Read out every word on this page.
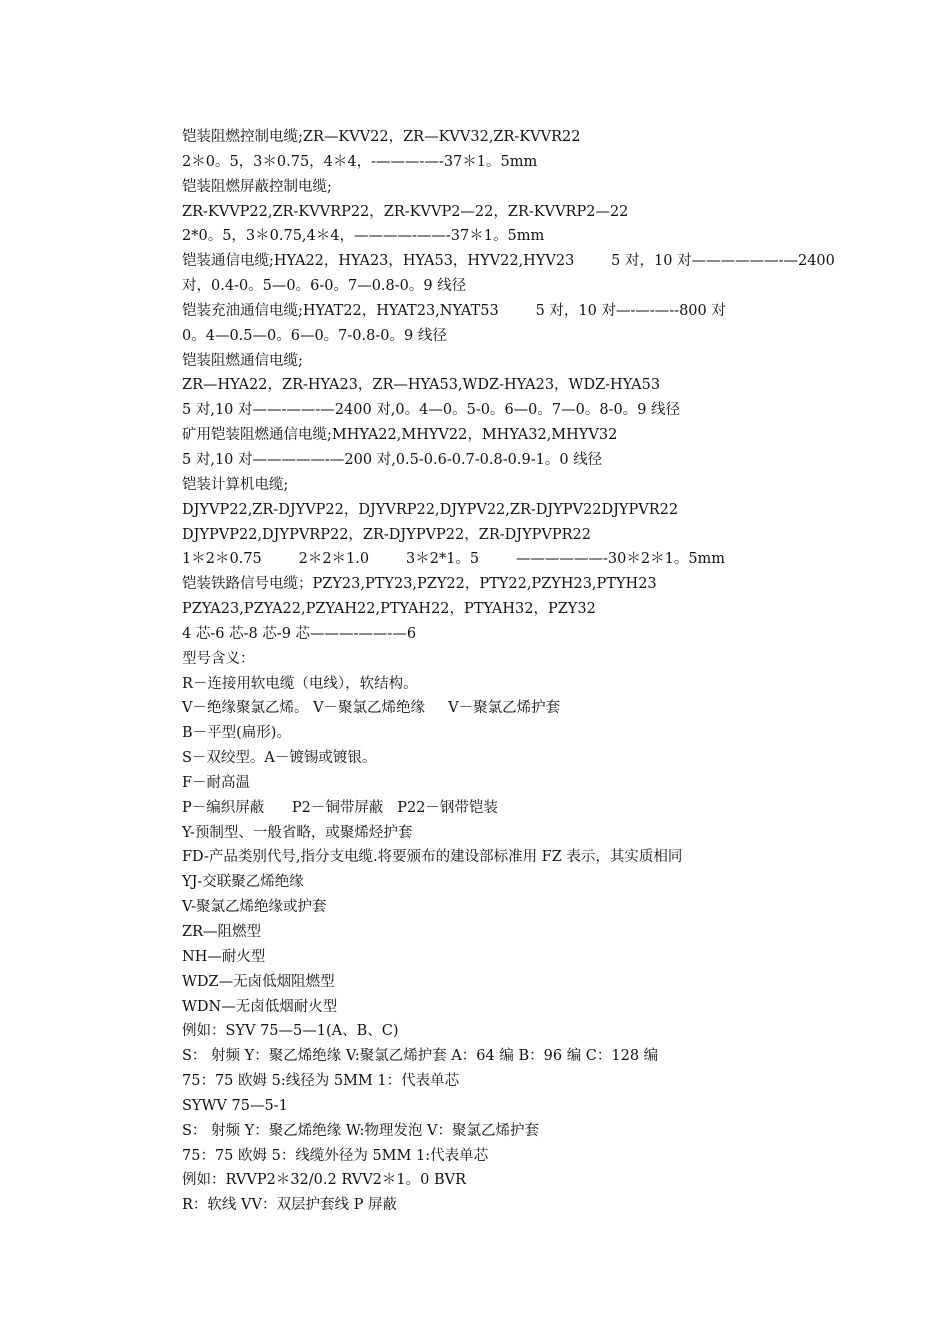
铠装阻燃控制电缆;ZR—KVV22，ZR—KVV32,ZR-KVVR22
2＊0。5，3＊0.75，4＊4，-———-—-37＊1。5mm
铠装阻燃屏蔽控制电缆;
ZR-KVVP22,ZR-KVVRP22，ZR-KVVP2—22，ZR-KVVRP2—22
2*0。5，3＊0.75,4＊4，————-——-37＊1。5mm
铠装通信电缆;HYA22，HYA23，HYA53，HYV22,HYV23        5 对，10 对——————-—2400
对，0.4-0。5—0。6-0。7—0.8-0。9 线径
铠装充油通信电缆;HYAT22，HYAT23,NYAT53        5 对，10 对—-—-—--800 对
0。4—0.5—0。6—0。7-0.8-0。9 线径
铠装阻燃通信电缆;
ZR—HYA22，ZR-HYA23，ZR—HYA53,WDZ-HYA23，WDZ-HYA53
5 对,10 对——-——-—2400 对,0。4—0。5-0。6—0。7—0。8-0。9 线径
矿用铠装阻燃通信电缆;MHYA22,MHYV22，MHYA32,MHYV32
5 对,10 对—————-—200 对,0.5-0.6-0.7-0.8-0.9-1。0 线径
铠装计算机电缆;
DJYVP22,ZR-DJYVP22，DJYVRP22,DJYPV22,ZR-DJYPV22DJYPVR22
DJYPVP22,DJYPVRP22，ZR-DJYPVP22，ZR-DJYPVPR22
1＊2＊0.75        2＊2＊1.0        3＊2*1。5        ——————-30＊2＊1。5mm
铠装铁路信号电缆；PZY23,PTY23,PZY22，PTY22,PZYH23,PTYH23
PZYA23,PZYA22,PZYAH22,PTYAH22，PTYAH32，PZY32
4 芯-6 芯-8 芯-9 芯———-——-—6
型号含义：
R－连接用软电缆（电线），软结构。
V－绝缘聚氯乙烯。 V－聚氯乙烯绝缘     V－聚氯乙烯护套
B－平型(扁形)。
S－双绞型。A－镀锡或镀银。
F－耐高温
P－编织屏蔽      P2－铜带屏蔽   P22－钢带铠装
Y-预制型、一般省略，或聚烯烃护套
FD-产品类别代号,指分支电缆.将要颁布的建设部标准用 FZ 表示，其实质相同
YJ-交联聚乙烯绝缘
V-聚氯乙烯绝缘或护套
ZR—阻燃型
NH—耐火型
WDZ—无卤低烟阻燃型
WDN—无卤低烟耐火型
例如：SYV 75—5—1(A、B、C)
S： 射频 Y：聚乙烯绝缘 V:聚氯乙烯护套 A：64 编 B：96 编 C：128 编
75：75 欧姆 5:线径为 5MM 1：代表单芯
SYWV 75—5-1
S： 射频 Y：聚乙烯绝缘 W:物理发泡 V：聚氯乙烯护套
75：75 欧姆 5：线缆外径为 5MM 1:代表单芯
例如：RVVP2＊32/0.2 RVV2＊1。0 BVR
R：软线 VV：双层护套线 P 屏蔽
